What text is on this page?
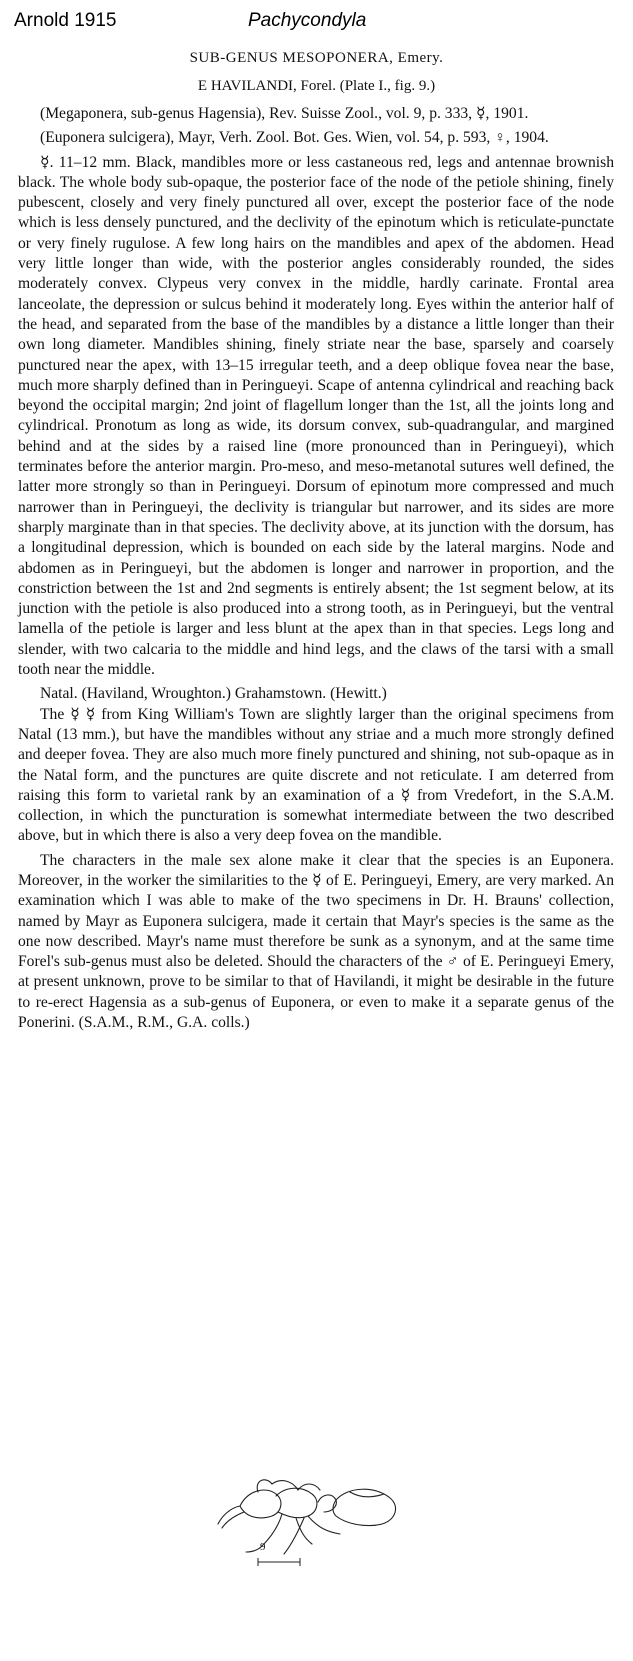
Arnold 1915	Pachycondyla
SUB-GENUS MESOPONERA, Emery.
E HAVILANDI, Forel. (Plate I., fig. 9.)

(Megaponera, sub-genus Hagensia), Rev. Suisse Zool., vol. 9, p. 333, ☿, 1901.

(Euponera sulcigera), Mayr, Verh. Zool. Bot. Ges. Wien, vol. 54, p. 593, ♀, 1904.

☿. 11–12 mm. Black, mandibles more or less castaneous red, legs and antennae brownish black. The whole body sub-opaque, the posterior face of the node of the petiole shining, finely pubescent, closely and very finely punctured all over, except the posterior face of the node which is less densely punctured, and the declivity of the epinotum which is reticulate-punctate or very finely rugulose. A few long hairs on the mandibles and apex of the abdomen. Head very little longer than wide, with the posterior angles considerably rounded, the sides moderately convex. Clypeus very convex in the middle, hardly carinate. Frontal area lanceolate, the depression or sulcus behind it moderately long. Eyes within the anterior half of the head, and separated from the base of the mandibles by a distance a little longer than their own long diameter. Mandibles shining, finely striate near the base, sparsely and coarsely punctured near the apex, with 13–15 irregular teeth, and a deep oblique fovea near the base, much more sharply defined than in Peringueyi. Scape of antenna cylindrical and reaching back beyond the occipital margin; 2nd joint of flagellum longer than the 1st, all the joints long and cylindrical. Pronotum as long as wide, its dorsum convex, sub-quadrangular, and margined behind and at the sides by a raised line (more pronounced than in Peringueyi), which terminates before the anterior margin. Pro-meso, and meso-metanotal sutures well defined, the latter more strongly so than in Peringueyi. Dorsum of epinotum more compressed and much narrower than in Peringueyi, the declivity is triangular but narrower, and its sides are more sharply marginate than in that species. The declivity above, at its junction with the dorsum, has a longitudinal depression, which is bounded on each side by the lateral margins. Node and abdomen as in Peringueyi, but the abdomen is longer and narrower in proportion, and the constriction between the 1st and 2nd segments is entirely absent; the 1st segment below, at its junction with the petiole is also produced into a strong tooth, as in Peringueyi, but the ventral lamella of the petiole is larger and less blunt at the apex than in that species. Legs long and slender, with two calcaria to the middle and hind legs, and the claws of the tarsi with a small tooth near the middle.

Natal. (Haviland, Wroughton.) Grahamstown. (Hewitt.)

The ☿ ☿ from King William's Town are slightly larger than the original specimens from Natal (13 mm.), but have the mandibles without any striae and a much more strongly defined and deeper fovea. They are also much more finely punctured and shining, not sub-opaque as in the Natal form, and the punctures are quite discrete and not reticulate. I am deterred from raising this form to varietal rank by an examination of a ☿ from Vredefort, in the S.A.M. collection, in which the puncturation is somewhat intermediate between the two described above, but in which there is also a very deep fovea on the mandible.

The characters in the male sex alone make it clear that the species is an Euponera. Moreover, in the worker the similarities to the ☿ of E. Peringueyi, Emery, are very marked. An examination which I was able to make of the two specimens in Dr. H. Brauns' collection, named by Mayr as Euponera sulcigera, made it certain that Mayr's species is the same as the one now described. Mayr's name must therefore be sunk as a synonym, and at the same time Forel's sub-genus must also be deleted. Should the characters of the ♂ of E. Peringueyi Emery, at present unknown, prove to be similar to that of Havilandi, it might be desirable in the future to re-erect Hagensia as a sub-genus of Euponera, or even to make it a separate genus of the Ponerini. (S.A.M., R.M., G.A. colls.)

9
